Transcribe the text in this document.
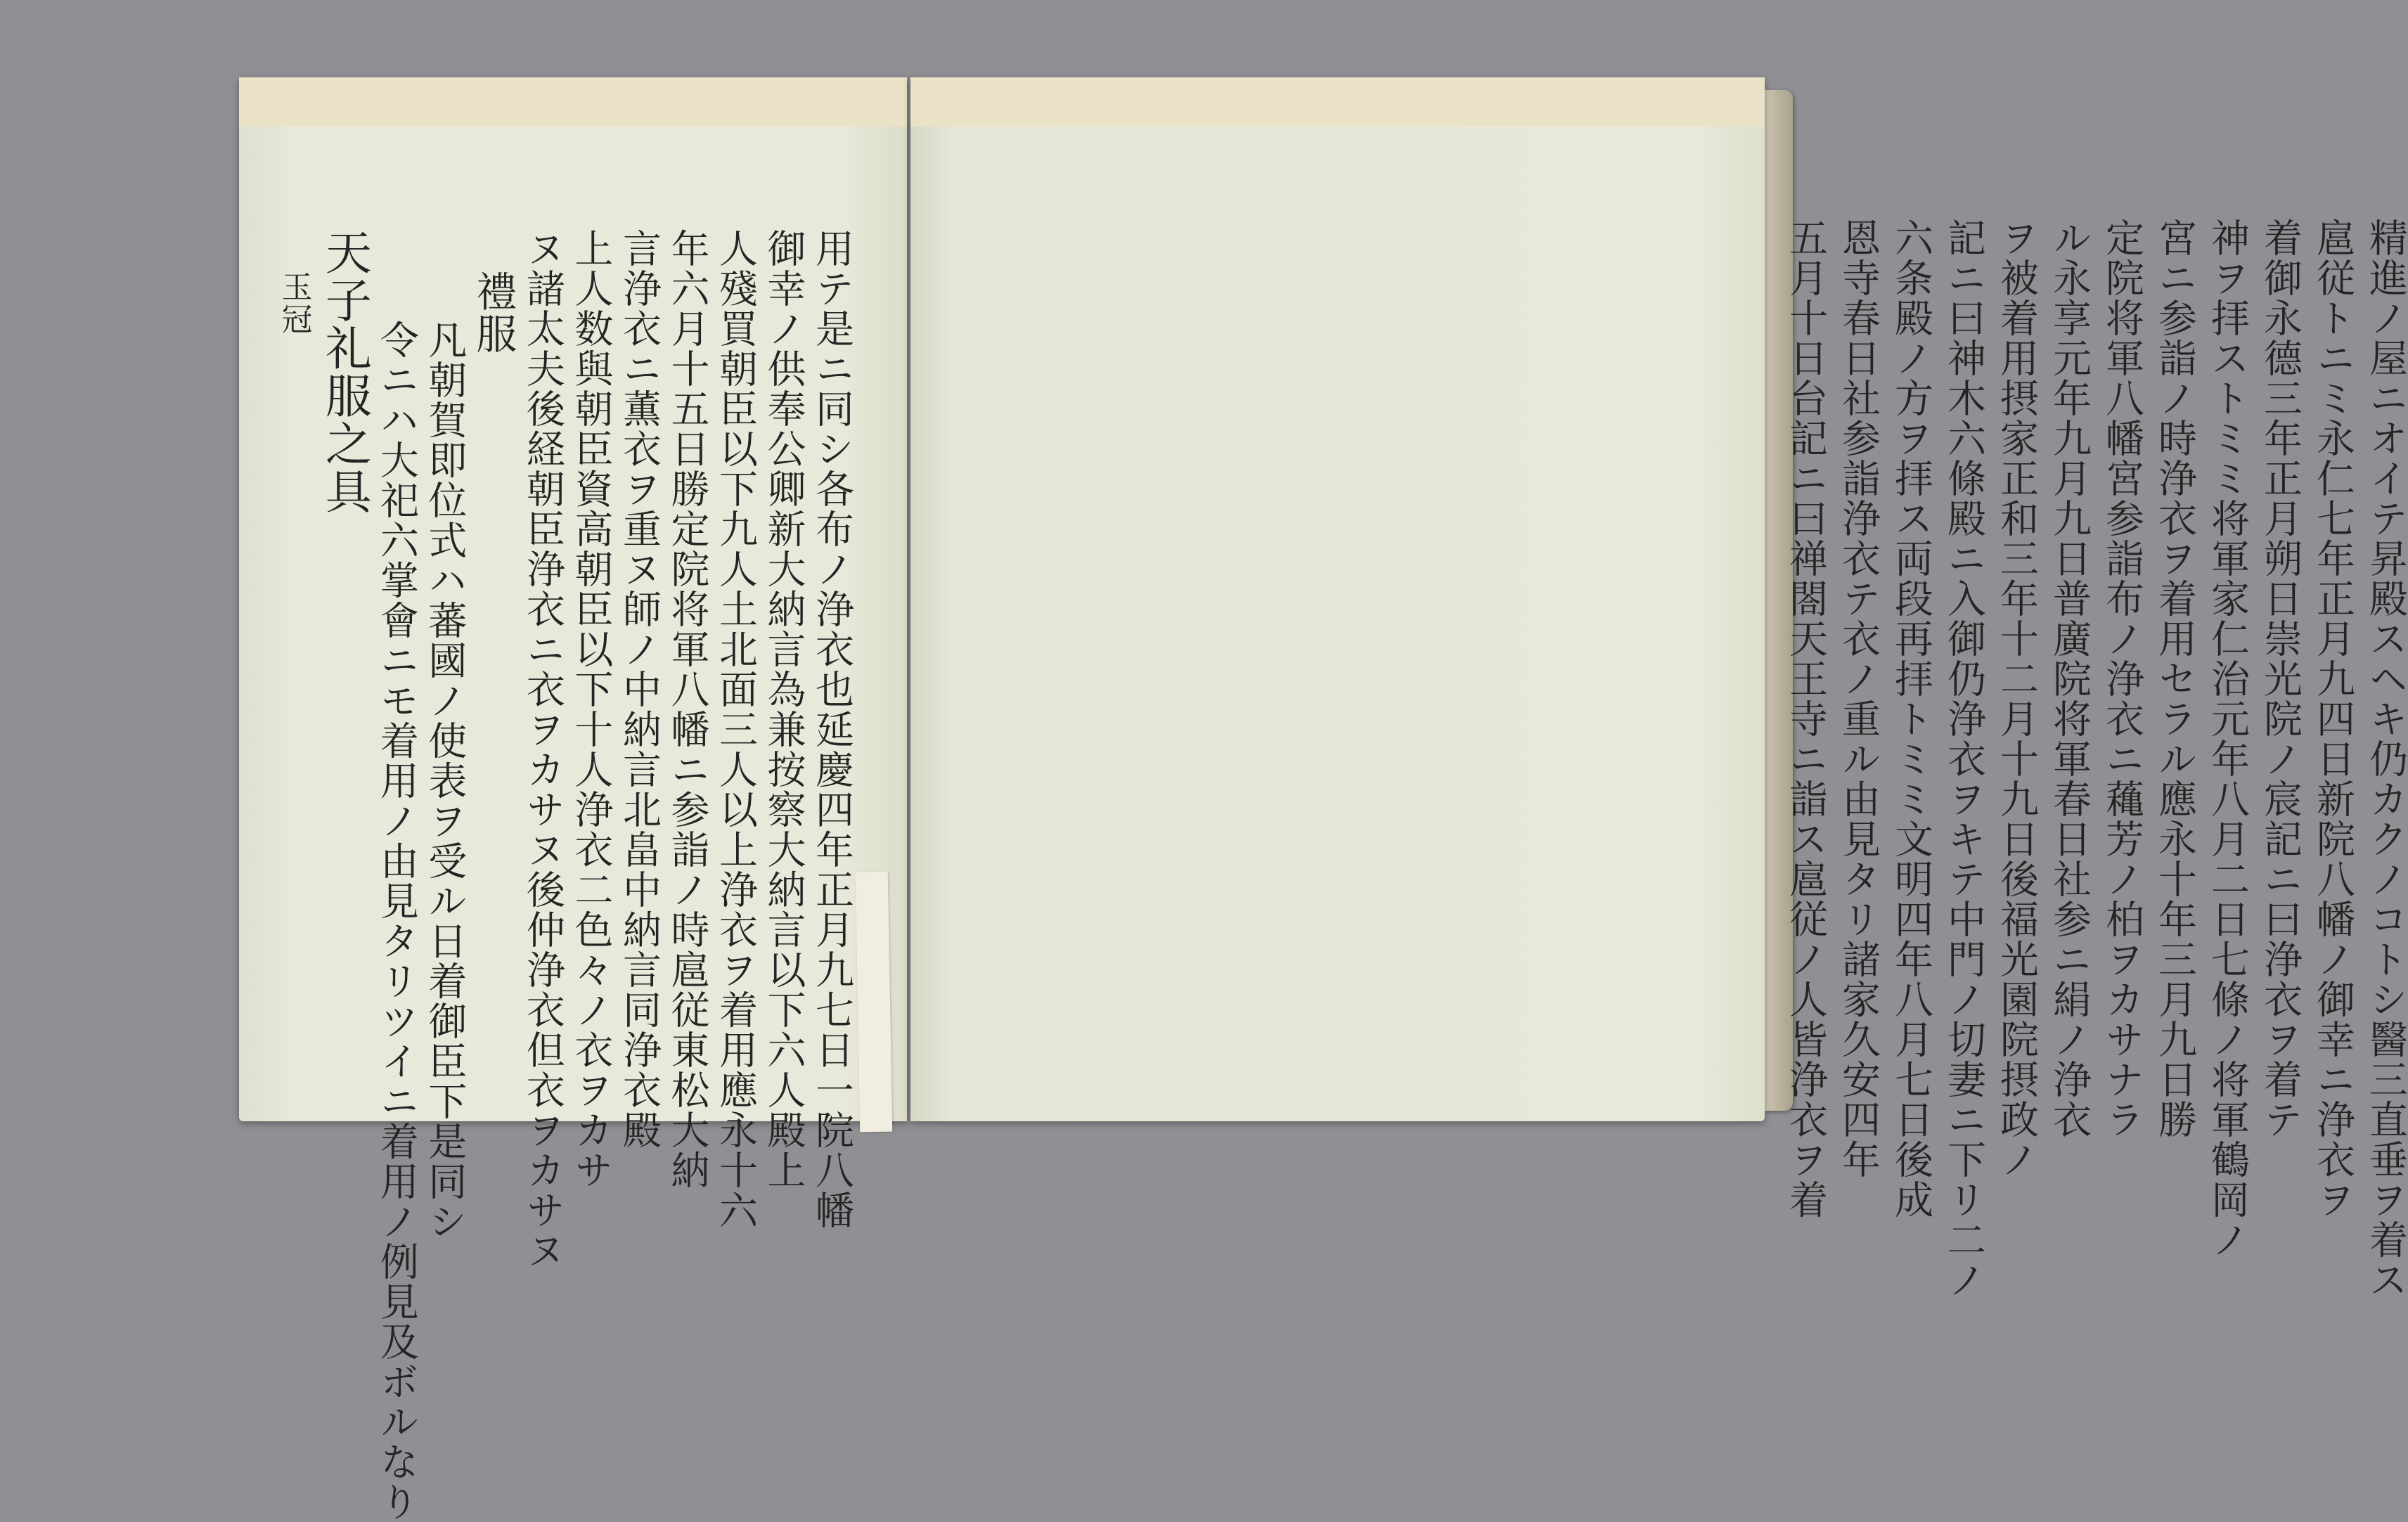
用テ是ニ同シ各布ノ浄衣也延慶四年正月九七日一院八幡
御幸ノ供奉公卿新大納言為兼按察大納言以下六人殿上
人殘買朝臣以下九人土北面三人以上浄衣ヲ着用應永十六
年六月十五日勝定院将軍八幡ニ参詣ノ時扈従東松大納
言浄衣ニ薫衣ヲ重ヌ師ノ中納言北畠中納言同浄衣殿
上人数與朝臣資高朝臣以下十人浄衣二色々ノ衣ヲカサ
ヌ諸太夫後経朝臣浄衣ニ衣ヲカサヌ後仲浄衣但衣ヲカサヌ
禮服
凡朝賀即位式ハ蕃國ノ使表ヲ受ル日着御臣下是同シ
令ニハ大祀六掌會ニモ着用ノ由見タリツイニ着用ノ例見及ボルなり
天子礼服之具
玉冠	精進ノ屋ニオイテ昇殿スヘキ仍カクノコトシ醫三直垂ヲ着ス
扈従トニミ永仁七年正月九四日新院八幡ノ御幸ニ浄衣ヲ
着御永德三年正月朔日崇光院ノ宸記ニ曰浄衣ヲ着テ
神ヲ拝ストミミ将軍家仁治元年八月二日七條ノ将軍鶴岡ノ
宮ニ参詣ノ時浄衣ヲ着用セラル應永十年三月九日勝
定院将軍八幡宮参詣布ノ浄衣ニ蘒芳ノ柏ヲカサナラ
ル永享元年九月九日普廣院将軍春日社参ニ絹ノ浄衣
ヲ被着用摂家正和三年十二月十九日後福光園院摂政ノ
記ニ曰神木六條殿ニ入御仍浄衣ヲキテ中門ノ切妻ニ下リ二ノ
六条殿ノ方ヲ拝ス両段再拝トミミ文明四年八月七日後成
恩寺春日社参詣浄衣テ衣ノ重ル由見タリ諸家久安四年
五月十日台記ニ曰禅閤天王寺ニ詣ス扈従ノ人皆浄衣ヲ着
